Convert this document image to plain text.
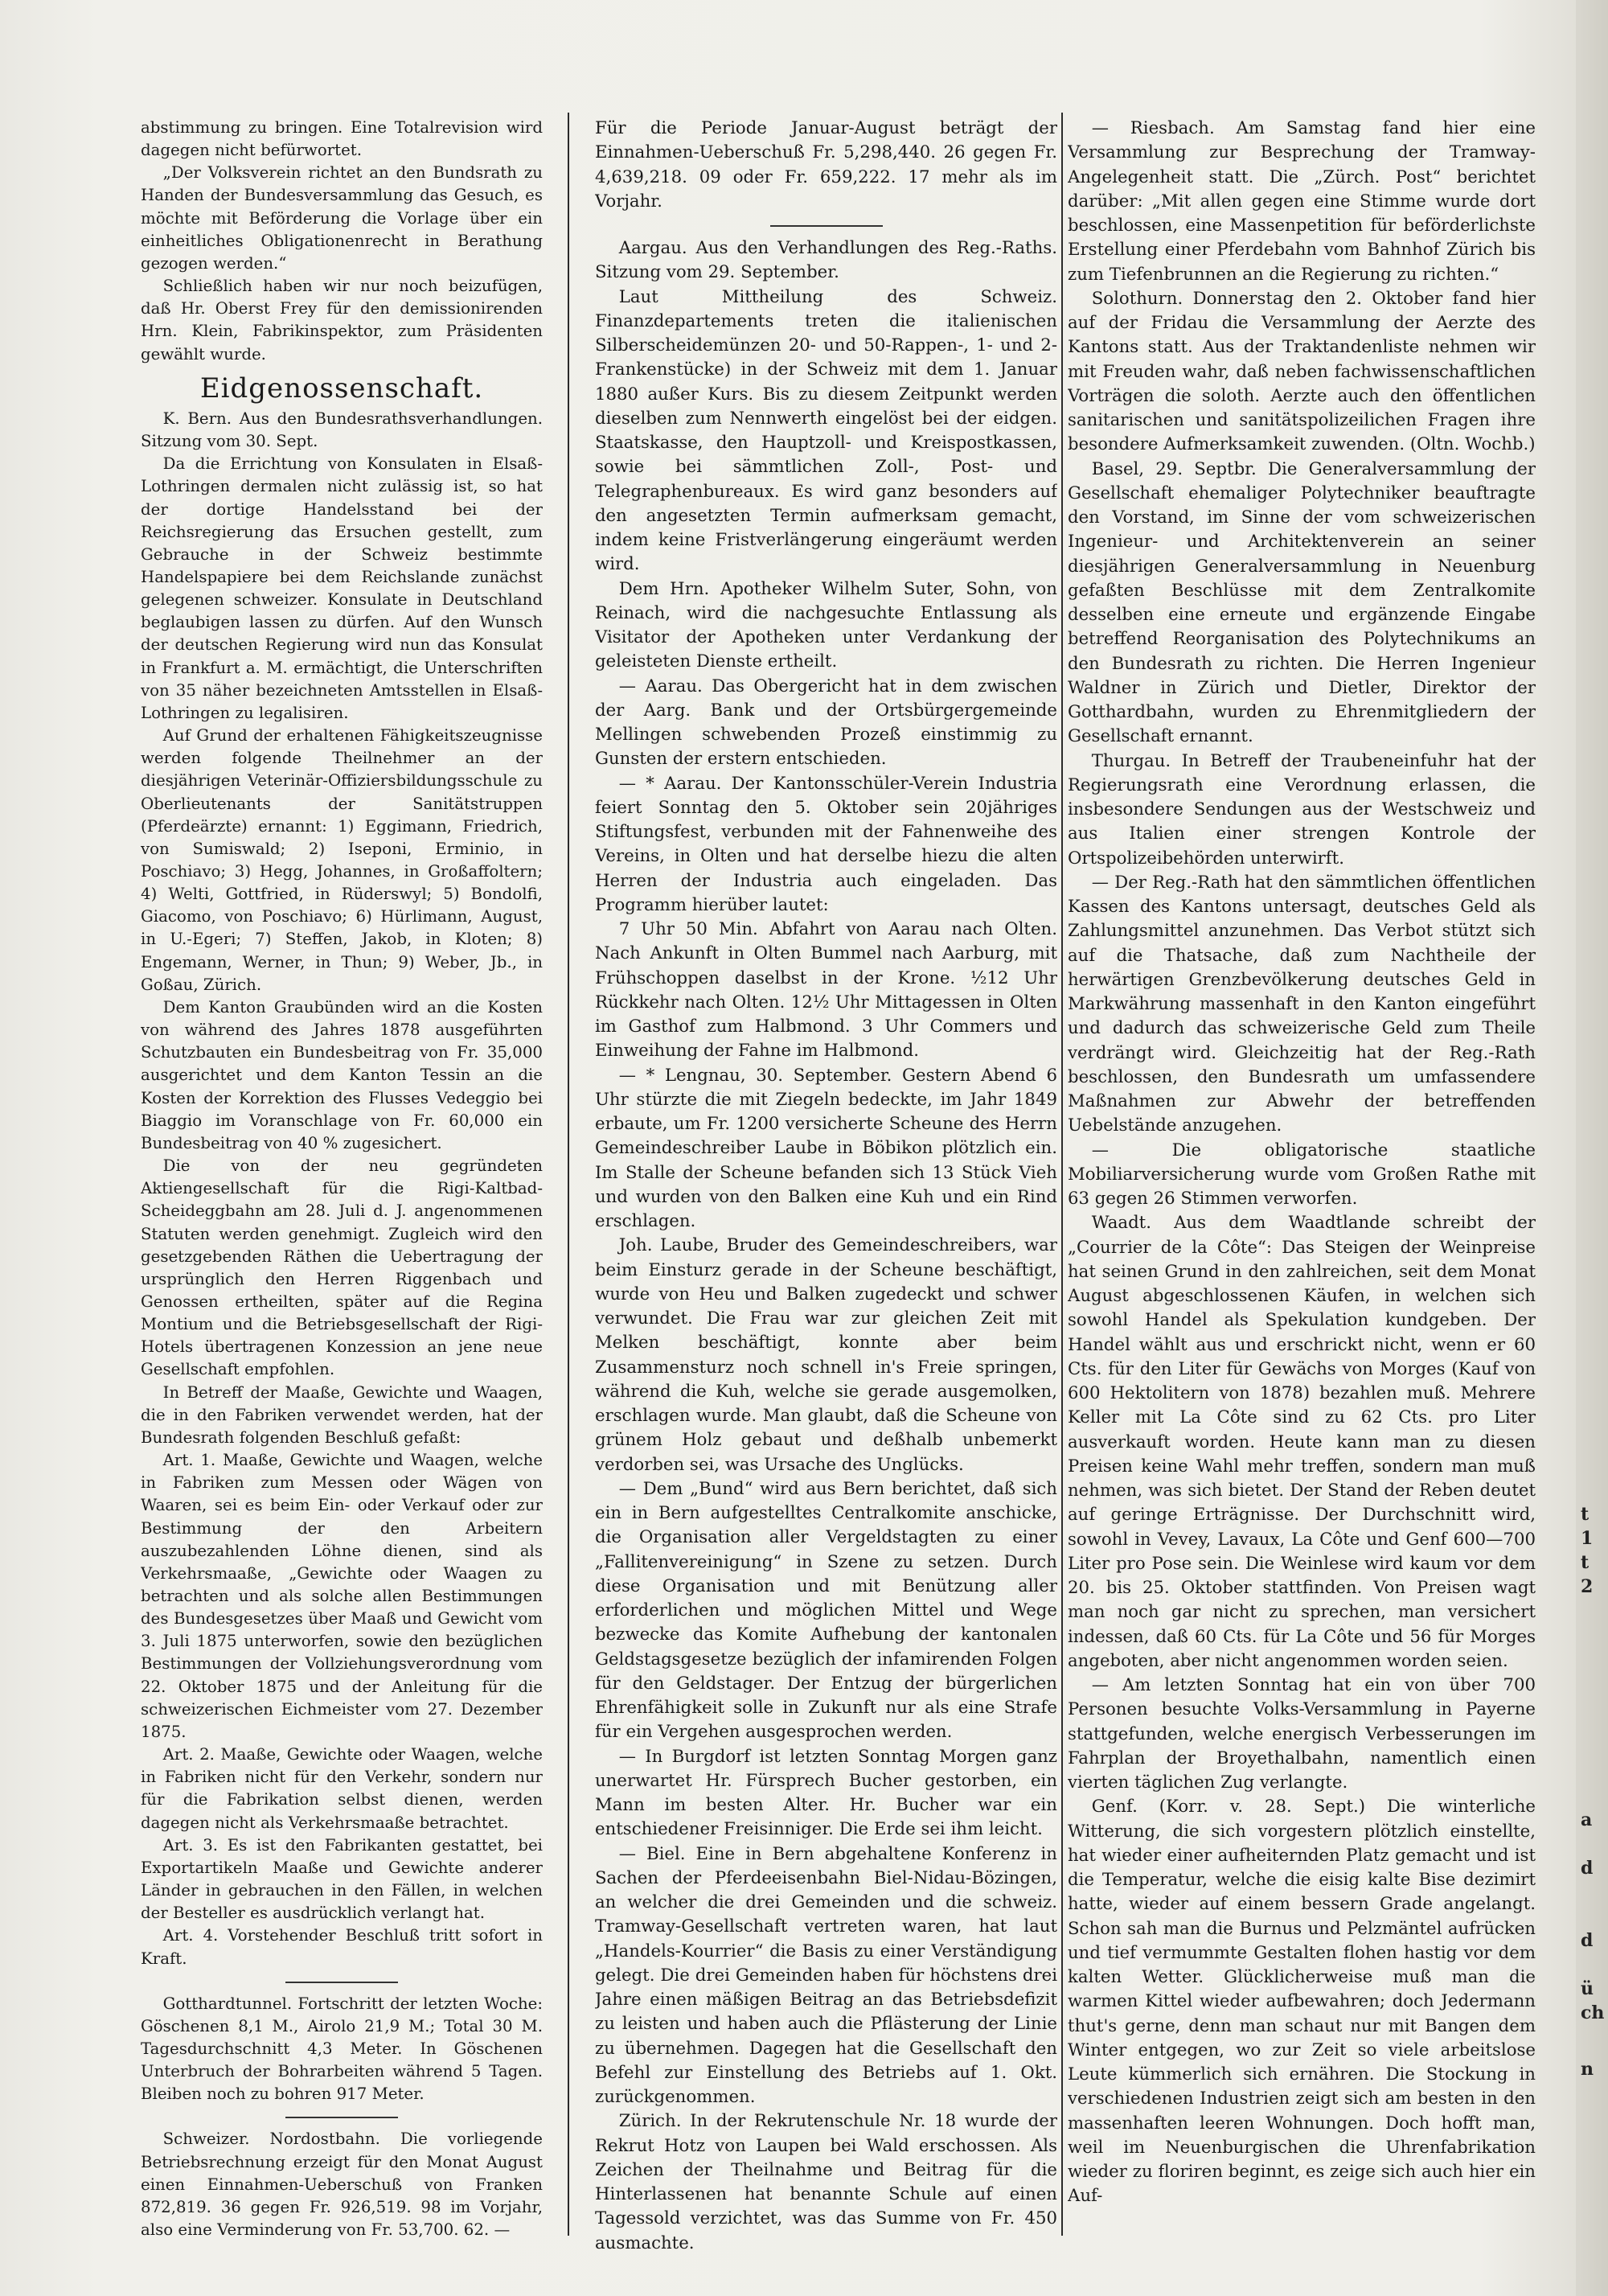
abstimmung zu bringen. Eine Totalrevision wird dagegen nicht befürwortet.

„Der Volksverein richtet an den Bundsrath zu Handen der Bundesversammlung das Gesuch, es möchte mit Beförderung die Vorlage über ein einheitliches Obligationenrecht in Berathung gezogen werden.“

Schließlich haben wir nur noch beizufügen, daß Hr. Oberst Frey für den demissionirenden Hrn. Klein, Fabrikinspektor, zum Präsidenten gewählt wurde.

Eidgenossenschaft.

K. Bern. Aus den Bundesrathsverhandlungen. Sitzung vom 30. Sept.

Da die Errichtung von Konsulaten in Elsaß-Lothringen dermalen nicht zulässig ist, so hat der dortige Handelsstand bei der Reichsregierung das Ersuchen gestellt, zum Gebrauche in der Schweiz bestimmte Handelspapiere bei dem Reichslande zunächst gelegenen schweizer. Konsulate in Deutschland beglaubigen lassen zu dürfen. Auf den Wunsch der deutschen Regierung wird nun das Konsulat in Frankfurt a. M. ermächtigt, die Unterschriften von 35 näher bezeichneten Amtsstellen in Elsaß-Lothringen zu legalisiren.

Auf Grund der erhaltenen Fähigkeitszeugnisse werden folgende Theilnehmer an der diesjährigen Veterinär-Offiziersbildungsschule zu Oberlieutenants der Sanitätstruppen (Pferdeärzte) ernannt: 1) Eggimann, Friedrich, von Sumiswald; 2) Iseponi, Erminio, in Poschiavo; 3) Hegg, Johannes, in Großaffoltern; 4) Welti, Gottfried, in Rüderswyl; 5) Bondolfi, Giacomo, von Poschiavo; 6) Hürlimann, August, in U.-Egeri; 7) Steffen, Jakob, in Kloten; 8) Engemann, Werner, in Thun; 9) Weber, Jb., in Goßau, Zürich.

Dem Kanton Graubünden wird an die Kosten von während des Jahres 1878 ausgeführten Schutzbauten ein Bundesbeitrag von Fr. 35,000 ausgerichtet und dem Kanton Tessin an die Kosten der Korrektion des Flusses Vedeggio bei Biaggio im Voranschlage von Fr. 60,000 ein Bundesbeitrag von 40 % zugesichert.

Die von der neu gegründeten Aktiengesellschaft für die Rigi-Kaltbad-Scheideggbahn am 28. Juli d. J. angenommenen Statuten werden genehmigt. Zugleich wird den gesetzgebenden Räthen die Uebertragung der ursprünglich den Herren Riggenbach und Genossen ertheilten, später auf die Regina Montium und die Betriebsgesellschaft der Rigi-Hotels übertragenen Konzession an jene neue Gesellschaft empfohlen.

In Betreff der Maaße, Gewichte und Waagen, die in den Fabriken verwendet werden, hat der Bundesrath folgenden Beschluß gefaßt:

Art. 1. Maaße, Gewichte und Waagen, welche in Fabriken zum Messen oder Wägen von Waaren, sei es beim Ein- oder Verkauf oder zur Bestimmung der den Arbeitern auszubezahlenden Löhne dienen, sind als Verkehrsmaaße, „Gewichte oder Waagen zu betrachten und als solche allen Bestimmungen des Bundesgesetzes über Maaß und Gewicht vom 3. Juli 1875 unterworfen, sowie den bezüglichen Bestimmungen der Vollziehungsverordnung vom 22. Oktober 1875 und der Anleitung für die schweizerischen Eichmeister vom 27. Dezember 1875.

Art. 2. Maaße, Gewichte oder Waagen, welche in Fabriken nicht für den Verkehr, sondern nur für die Fabrikation selbst dienen, werden dagegen nicht als Verkehrsmaaße betrachtet.

Art. 3. Es ist den Fabrikanten gestattet, bei Exportartikeln Maaße und Gewichte anderer Länder in gebrauchen in den Fällen, in welchen der Besteller es ausdrücklich verlangt hat.

Art. 4. Vorstehender Beschluß tritt sofort in Kraft.

Gotthardtunnel. Fortschritt der letzten Woche: Göschenen 8,1 M., Airolo 21,9 M.; Total 30 M. Tagesdurchschnitt 4,3 Meter. In Göschenen Unterbruch der Bohrarbeiten während 5 Tagen. Bleiben noch zu bohren 917 Meter.

Schweizer. Nordostbahn. Die vorliegende Betriebsrechnung erzeigt für den Monat August einen Einnahmen-Ueberschuß von Franken 872,819. 36 gegen Fr. 926,519. 98 im Vorjahr, also eine Verminderung von Fr. 53,700. 62. —

Für die Periode Januar-August beträgt der Einnahmen-Ueberschuß Fr. 5,298,440. 26 gegen Fr. 4,639,218. 09 oder Fr. 659,222. 17 mehr als im Vorjahr.

Aargau. Aus den Verhandlungen des Reg.-Raths. Sitzung vom 29. September.

Laut Mittheilung des Schweiz. Finanzdepartements treten die italienischen Silberscheidemünzen 20- und 50-Rappen-, 1- und 2-Frankenstücke) in der Schweiz mit dem 1. Januar 1880 außer Kurs. Bis zu diesem Zeitpunkt werden dieselben zum Nennwerth eingelöst bei der eidgen. Staatskasse, den Hauptzoll- und Kreispostkassen, sowie bei sämmtlichen Zoll-, Post- und Telegraphenbureaux. Es wird ganz besonders auf den angesetzten Termin aufmerksam gemacht, indem keine Fristverlängerung eingeräumt werden wird.

Dem Hrn. Apotheker Wilhelm Suter, Sohn, von Reinach, wird die nachgesuchte Entlassung als Visitator der Apotheken unter Verdankung der geleisteten Dienste ertheilt.

— Aarau. Das Obergericht hat in dem zwischen der Aarg. Bank und der Ortsbürgergemeinde Mellingen schwebenden Prozeß einstimmig zu Gunsten der erstern entschieden.

— * Aarau. Der Kantonsschüler-Verein Industria feiert Sonntag den 5. Oktober sein 20jähriges Stiftungsfest, verbunden mit der Fahnenweihe des Vereins, in Olten und hat derselbe hiezu die alten Herren der Industria auch eingeladen. Das Programm hierüber lautet:

7 Uhr 50 Min. Abfahrt von Aarau nach Olten. Nach Ankunft in Olten Bummel nach Aarburg, mit Frühschoppen daselbst in der Krone. ½12 Uhr Rückkehr nach Olten. 12½ Uhr Mittagessen in Olten im Gasthof zum Halbmond. 3 Uhr Commers und Einweihung der Fahne im Halbmond.

— * Lengnau, 30. September. Gestern Abend 6 Uhr stürzte die mit Ziegeln bedeckte, im Jahr 1849 erbaute, um Fr. 1200 versicherte Scheune des Herrn Gemeindeschreiber Laube in Böbikon plötzlich ein. Im Stalle der Scheune befanden sich 13 Stück Vieh und wurden von den Balken eine Kuh und ein Rind erschlagen.

Joh. Laube, Bruder des Gemeindeschreibers, war beim Einsturz gerade in der Scheune beschäftigt, wurde von Heu und Balken zugedeckt und schwer verwundet. Die Frau war zur gleichen Zeit mit Melken beschäftigt, konnte aber beim Zusammensturz noch schnell in's Freie springen, während die Kuh, welche sie gerade ausgemolken, erschlagen wurde. Man glaubt, daß die Scheune von grünem Holz gebaut und deßhalb unbemerkt verdorben sei, was Ursache des Unglücks.

— Dem „Bund“ wird aus Bern berichtet, daß sich ein in Bern aufgestelltes Centralkomite anschicke, die Organisation aller Vergeldstagten zu einer „Fallitenvereinigung“ in Szene zu setzen. Durch diese Organisation und mit Benützung aller erforderlichen und möglichen Mittel und Wege bezwecke das Komite Aufhebung der kantonalen Geldstagsgesetze bezüglich der infamirenden Folgen für den Geldstager. Der Entzug der bürgerlichen Ehrenfähigkeit solle in Zukunft nur als eine Strafe für ein Vergehen ausgesprochen werden.

— In Burgdorf ist letzten Sonntag Morgen ganz unerwartet Hr. Fürsprech Bucher gestorben, ein Mann im besten Alter. Hr. Bucher war ein entschiedener Freisinniger. Die Erde sei ihm leicht.

— Biel. Eine in Bern abgehaltene Konferenz in Sachen der Pferdeeisenbahn Biel-Nidau-Bözingen, an welcher die drei Gemeinden und die schweiz. Tramway-Gesellschaft vertreten waren, hat laut „Handels-Kourrier“ die Basis zu einer Verständigung gelegt. Die drei Gemeinden haben für höchstens drei Jahre einen mäßigen Beitrag an das Betriebsdefizit zu leisten und haben auch die Pflästerung der Linie zu übernehmen. Dagegen hat die Gesellschaft den Befehl zur Einstellung des Betriebs auf 1. Okt. zurückgenommen.

Zürich. In der Rekrutenschule Nr. 18 wurde der Rekrut Hotz von Laupen bei Wald erschossen. Als Zeichen der Theilnahme und Beitrag für die Hinterlassenen hat benannte Schule auf einen Tagessold verzichtet, was das Summe von Fr. 450 ausmachte.

— Riesbach. Am Samstag fand hier eine Versammlung zur Besprechung der Tramway-Angelegenheit statt. Die „Zürch. Post“ berichtet darüber: „Mit allen gegen eine Stimme wurde dort beschlossen, eine Massenpetition für beförderlichste Erstellung einer Pferdebahn vom Bahnhof Zürich bis zum Tiefenbrunnen an die Regierung zu richten.“

Solothurn. Donnerstag den 2. Oktober fand hier auf der Fridau die Versammlung der Aerzte des Kantons statt. Aus der Traktandenliste nehmen wir mit Freuden wahr, daß neben fachwissenschaftlichen Vorträgen die soloth. Aerzte auch den öffentlichen sanitarischen und sanitätspolizeilichen Fragen ihre besondere Aufmerksamkeit zuwenden. (Oltn. Wochb.)

Basel, 29. Septbr. Die Generalversammlung der Gesellschaft ehemaliger Polytechniker beauftragte den Vorstand, im Sinne der vom schweizerischen Ingenieur- und Architektenverein an seiner diesjährigen Generalversammlung in Neuenburg gefaßten Beschlüsse mit dem Zentralkomite desselben eine erneute und ergänzende Eingabe betreffend Reorganisation des Polytechnikums an den Bundesrath zu richten. Die Herren Ingenieur Waldner in Zürich und Dietler, Direktor der Gotthardbahn, wurden zu Ehrenmitgliedern der Gesellschaft ernannt.

Thurgau. In Betreff der Traubeneinfuhr hat der Regierungsrath eine Verordnung erlassen, die insbesondere Sendungen aus der Westschweiz und aus Italien einer strengen Kontrole der Ortspolizeibehörden unterwirft.

— Der Reg.-Rath hat den sämmtlichen öffentlichen Kassen des Kantons untersagt, deutsches Geld als Zahlungsmittel anzunehmen. Das Verbot stützt sich auf die Thatsache, daß zum Nachtheile der herwärtigen Grenzbevölkerung deutsches Geld in Markwährung massenhaft in den Kanton eingeführt und dadurch das schweizerische Geld zum Theile verdrängt wird. Gleichzeitig hat der Reg.-Rath beschlossen, den Bundesrath um umfassendere Maßnahmen zur Abwehr der betreffenden Uebelstände anzugehen.

— Die obligatorische staatliche Mobiliarversicherung wurde vom Großen Rathe mit 63 gegen 26 Stimmen verworfen.

Waadt. Aus dem Waadtlande schreibt der „Courrier de la Côte“: Das Steigen der Weinpreise hat seinen Grund in den zahlreichen, seit dem Monat August abgeschlossenen Käufen, in welchen sich sowohl Handel als Spekulation kundgeben. Der Handel wählt aus und erschrickt nicht, wenn er 60 Cts. für den Liter für Gewächs von Morges (Kauf von 600 Hektolitern von 1878) bezahlen muß. Mehrere Keller mit La Côte sind zu 62 Cts. pro Liter ausverkauft worden. Heute kann man zu diesen Preisen keine Wahl mehr treffen, sondern man muß nehmen, was sich bietet. Der Stand der Reben deutet auf geringe Erträgnisse. Der Durchschnitt wird, sowohl in Vevey, Lavaux, La Côte und Genf 600—700 Liter pro Pose sein. Die Weinlese wird kaum vor dem 20. bis 25. Oktober stattfinden. Von Preisen wagt man noch gar nicht zu sprechen, man versichert indessen, daß 60 Cts. für La Côte und 56 für Morges angeboten, aber nicht angenommen worden seien.

— Am letzten Sonntag hat ein von über 700 Personen besuchte Volks-Versammlung in Payerne stattgefunden, welche energisch Verbesserungen im Fahrplan der Broyethalbahn, namentlich einen vierten täglichen Zug verlangte.

Genf. (Korr. v. 28. Sept.) Die winterliche Witterung, die sich vorgestern plötzlich einstellte, hat wieder einer aufheiternden Platz gemacht und ist die Temperatur, welche die eisig kalte Bise dezimirt hatte, wieder auf einem bessern Grade angelangt. Schon sah man die Burnus und Pelzmäntel aufrücken und tief vermummte Gestalten flohen hastig vor dem kalten Wetter. Glücklicherweise muß man die warmen Kittel wieder aufbewahren; doch Jedermann thut's gerne, denn man schaut nur mit Bangen dem Winter entgegen, wo zur Zeit so viele arbeitslose Leute kümmerlich sich ernähren. Die Stockung in verschiedenen Industrien zeigt sich am besten in den massenhaften leeren Wohnungen. Doch hofft man, weil im Neuenburgischen die Uhrenfabrikation wieder zu floriren beginnt, es zeige sich auch hier ein Auf-

t
1
t
2
a
d
d
ü
ch
n
